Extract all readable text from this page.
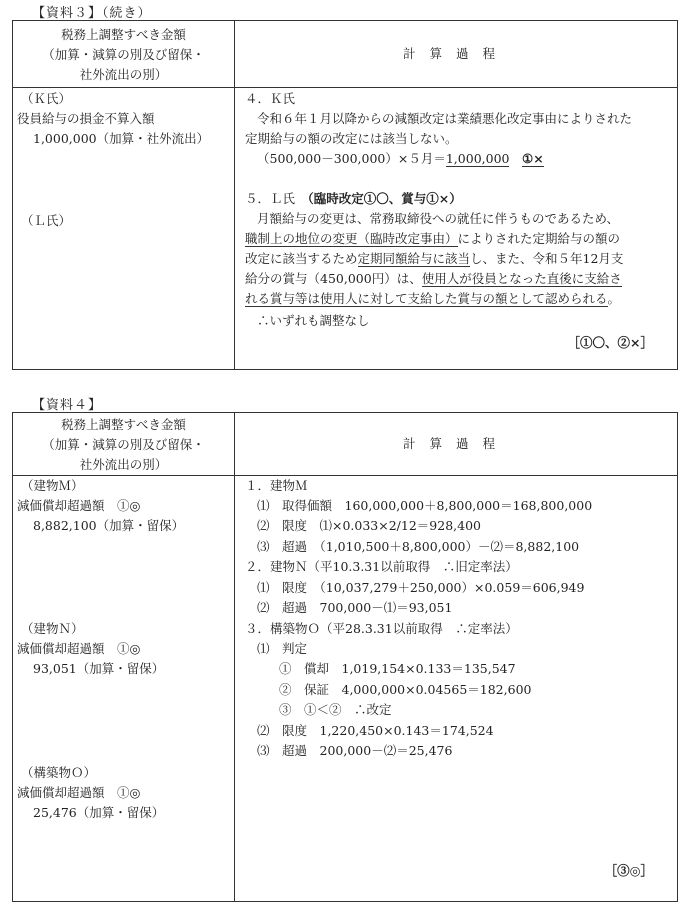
【資料３】（続き）
税務上調整すべき金額
（加算・減算の別及び留保・
社外流出の別）
計算過程
（Ｋ氏）
役員給与の損金不算入額
1,000,000（加算・社外流出）
（Ｌ氏）
４．Ｋ氏
令和６年１月以降からの減額改定は業績悪化改定事由によりされた
定期給与の額の改定には該当しない。
（500,000－300,000）×５月＝1,000,000　 ①×
５．Ｌ氏　 （臨時改定①〇、賞与①×）
月額給与の変更は、常務取締役への就任に伴うものであるため、
職制上の地位の変更（臨時改定事由）によりされた定期給与の額の
改定に該当するため定期同額給与に該当し、また、令和５年12月支
給分の賞与（450,000円）は、使用人が役員となった直後に支給さ
れる賞与等は使用人に対して支給した賞与の額として認められる。
∴いずれも調整なし
［①〇、②×］
【資料４】
税務上調整すべき金額
（加算・減算の別及び留保・
社外流出の別）
計算過程
（建物Ｍ）
減価償却超過額　①◎
8,882,100（加算・留保）
（建物Ｎ）
減価償却超過額　①◎
93,051（加算・留保）
（構築物Ｏ）
減価償却超過額　①◎
25,476（加算・留保）
１．建物Ｍ
⑴　取得価額　160,000,000＋8,800,000＝168,800,000
⑵　限度　⑴×0.033×2/12＝928,400
⑶　超過　（1,010,500＋8,800,000）－⑵＝8,882,100
２．建物Ｎ（平10.3.31以前取得　∴旧定率法）
⑴　限度　（10,037,279＋250,000）×0.059＝606,949
⑵　超過　700,000－⑴＝93,051
３．構築物Ｏ（平28.3.31以前取得　∴定率法）
⑴　判定
①　償却　1,019,154×0.133＝135,547
②　保証　4,000,000×0.04565＝182,600
③　①＜②　∴改定
⑵　限度　1,220,450×0.143＝174,524
⑶　超過　200,000－⑵＝25,476
［③◎］
